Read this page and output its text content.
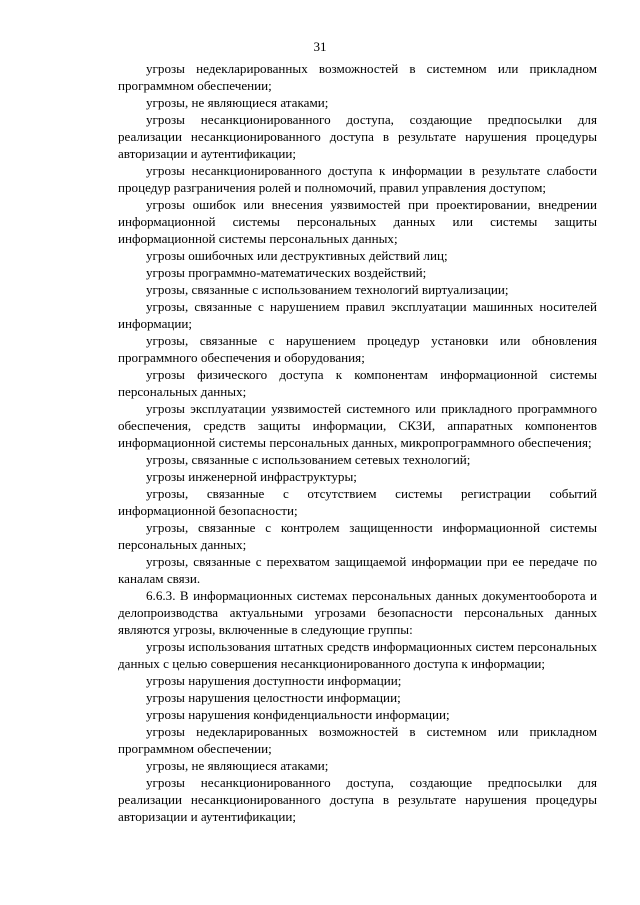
31

угрозы недекларированных возможностей в системном или прикладном программном обеспечении;

угрозы, не являющиеся атаками;

угрозы несанкционированного доступа, создающие предпосылки для реализации несанкционированного доступа в результате нарушения процедуры авторизации и аутентификации;

угрозы несанкционированного доступа к информации в результате слабости процедур разграничения ролей и полномочий, правил управления доступом;

угрозы ошибок или внесения уязвимостей при проектировании, внедрении информационной системы персональных данных или системы защиты информационной системы персональных данных;

угрозы ошибочных или деструктивных действий лиц;

угрозы программно-математических воздействий;

угрозы, связанные с использованием технологий виртуализации;

угрозы, связанные с нарушением правил эксплуатации машинных носителей информации;

угрозы, связанные с нарушением процедур установки или обновления программного обеспечения и оборудования;

угрозы физического доступа к компонентам информационной системы персональных данных;

угрозы эксплуатации уязвимостей системного или прикладного программного обеспечения, средств защиты информации, СКЗИ, аппаратных компонентов информационной системы персональных данных, микропрограммного обеспечения;

угрозы, связанные с использованием сетевых технологий;

угрозы инженерной инфраструктуры;

угрозы, связанные с отсутствием системы регистрации событий информационной безопасности;

угрозы, связанные с контролем защищенности информационной системы персональных данных;

угрозы, связанные с перехватом защищаемой информации при ее передаче по каналам связи.

6.6.3. В информационных системах персональных данных документооборота и делопроизводства актуальными угрозами безопасности персональных данных являются угрозы, включенные в следующие группы:

угрозы использования штатных средств информационных систем персональных данных с целью совершения несанкционированного доступа к информации;

угрозы нарушения доступности информации;

угрозы нарушения целостности информации;

угрозы нарушения конфиденциальности информации;

угрозы недекларированных возможностей в системном или прикладном программном обеспечении;

угрозы, не являющиеся атаками;

угрозы несанкционированного доступа, создающие предпосылки для реализации несанкционированного доступа в результате нарушения процедуры авторизации и аутентификации;
